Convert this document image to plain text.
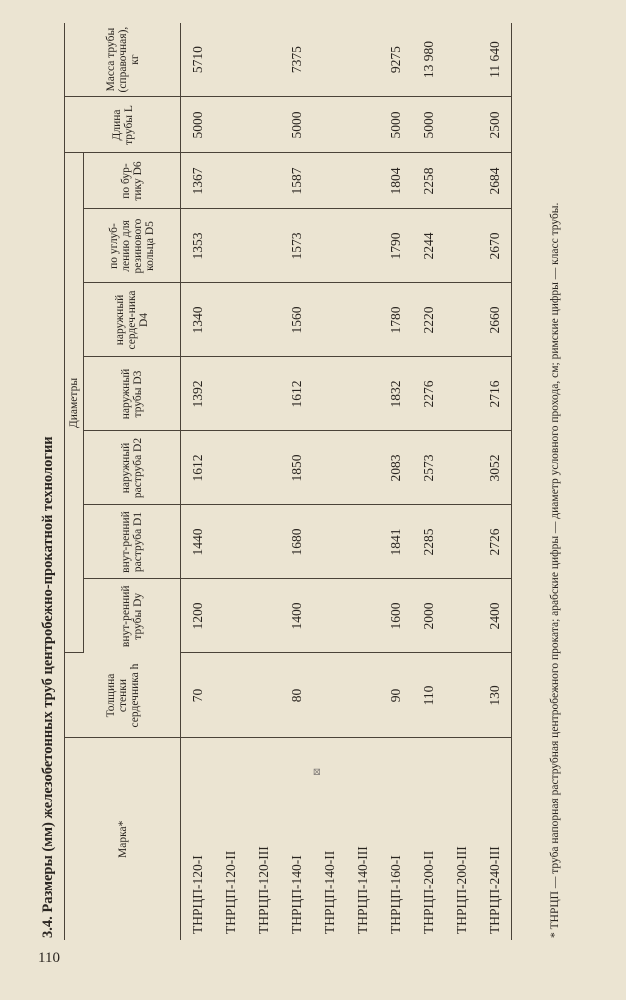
110
3.4. Размеры (мм) железобетонных труб центробежно-прокатной технологии	Марка*	Толщина стенки сердечника h	Диаметры							Длина трубы L	Масса трубы (справочная), кг
		внут-ренний трубы Dу	внут-ренний раструба D1	наружный раструба D2	наружный трубы D3	наружный сердеч-ника D4	по углуб-лению для резинового кольца D5	по бур-тику D6		
ТНРЦП-120-I	70	1200	1440	1612	1392	1340	1353	1367	5000	5710
ТНРЦП-120-II										
ТНРЦП-120-III										
ТНРЦП-140-I	80	1400	1680	1850	1612	1560	1573	1587	5000	7375
ТНРЦП-140-II										
ТНРЦП-140-III										
ТНРЦП-160-I	90	1600	1841	2083	1832	1780	1790	1804	5000	9275
ТНРЦП-200-II	110	2000	2285	2573	2276	2220	2244	2258	5000	13 980
ТНРЦП-200-III										
ТНРЦП-240-III	130	2400	2726	3052	2716	2660	2670	2684	2500	11 640
⊠	* ТНРЦП — труба напорная раструбная центробежного проката; арабские цифры — диаметр условного прохода, см; римские цифры — класс трубы.
